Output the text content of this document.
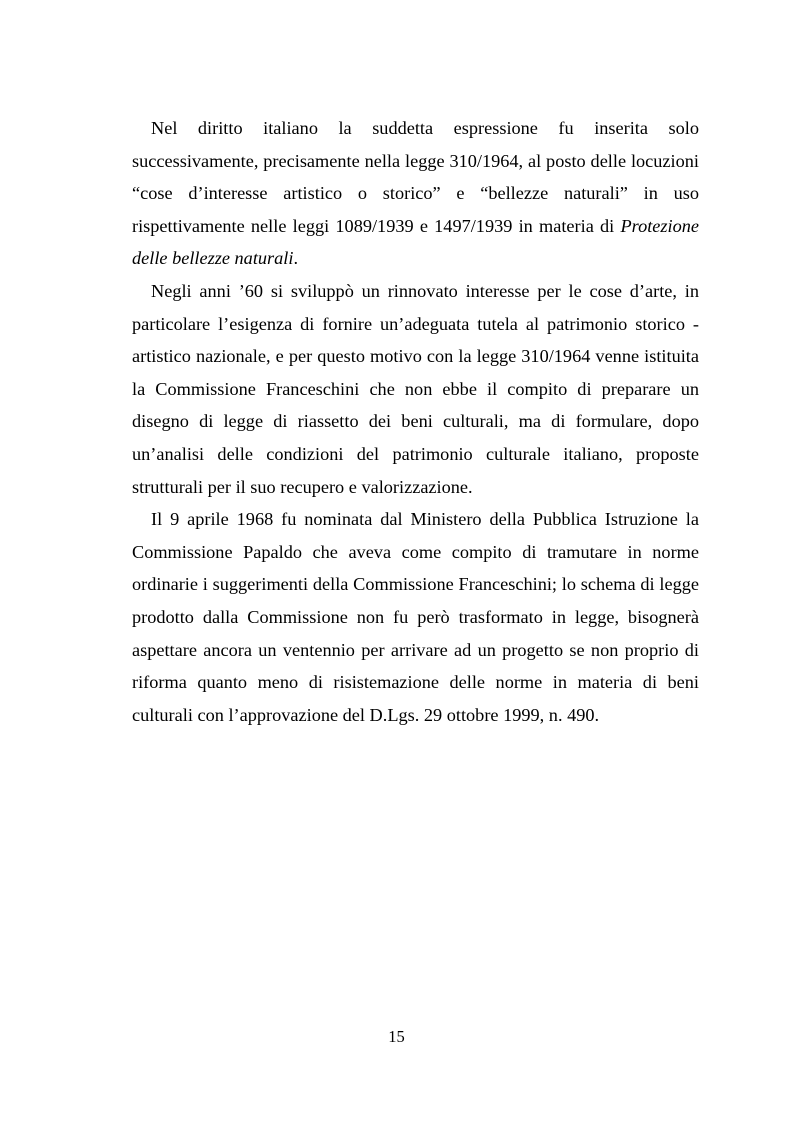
Nel diritto italiano la suddetta espressione fu inserita solo successivamente, precisamente nella legge 310/1964, al posto delle locuzioni “cose d’interesse artistico o storico” e “bellezze naturali” in uso rispettivamente nelle leggi 1089/1939 e 1497/1939 in materia di Protezione delle bellezze naturali.

Negli anni ’60 si sviluppò un rinnovato interesse per le cose d’arte, in particolare l’esigenza di fornire un’adeguata tutela al patrimonio storico - artistico nazionale, e per questo motivo con la legge 310/1964 venne istituita la Commissione Franceschini che non ebbe il compito di preparare un disegno di legge di riassetto dei beni culturali, ma di formulare, dopo un’analisi delle condizioni del patrimonio culturale italiano, proposte strutturali per il suo recupero e valorizzazione.

Il 9 aprile 1968 fu nominata dal Ministero della Pubblica Istruzione la Commissione Papaldo che aveva come compito di tramutare in norme ordinarie i suggerimenti della Commissione Franceschini; lo schema di legge prodotto dalla Commissione non fu però trasformato in legge, bisognerà aspettare ancora un ventennio per arrivare ad un progetto se non proprio di riforma quanto meno di risistemazione delle norme in materia di beni culturali con l’approvazione del D.Lgs. 29 ottobre 1999, n. 490.

15
